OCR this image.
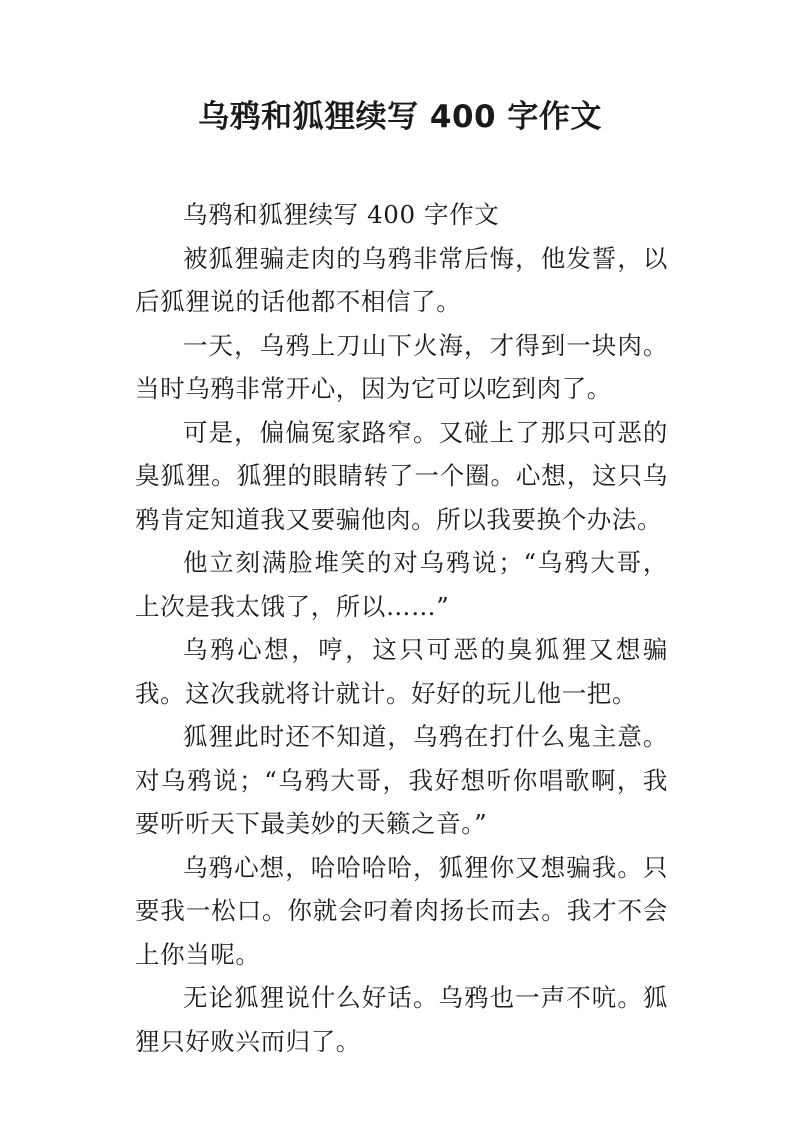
乌鸦和狐狸续写 400 字作文

乌鸦和狐狸续写 400 字作文

被狐狸骗走肉的乌鸦非常后悔，他发誓，以后狐狸说的话他都不相信了。

一天，乌鸦上刀山下火海，才得到一块肉。当时乌鸦非常开心，因为它可以吃到肉了。

可是，偏偏冤家路窄。又碰上了那只可恶的臭狐狸。狐狸的眼睛转了一个圈。心想，这只乌鸦肯定知道我又要骗他肉。所以我要换个办法。

他立刻满脸堆笑的对乌鸦说；“乌鸦大哥，上次是我太饿了，所以……”

乌鸦心想，哼，这只可恶的臭狐狸又想骗我。这次我就将计就计。好好的玩儿他一把。

狐狸此时还不知道，乌鸦在打什么鬼主意。对乌鸦说；“乌鸦大哥，我好想听你唱歌啊，我要听听天下最美妙的天籁之音。”

乌鸦心想，哈哈哈哈，狐狸你又想骗我。只要我一松口。你就会叼着肉扬长而去。我才不会上你当呢。

无论狐狸说什么好话。乌鸦也一声不吭。狐狸只好败兴而归了。
